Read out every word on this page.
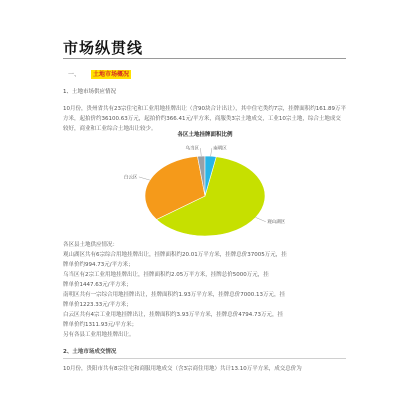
市场纵贯线
一、 土地市场概况
1、土地市场供应情况
10月份，贵州省共有23宗住宅和工业用地挂牌出让（含90块合计出让），其中住宅类约7宗，挂牌面积约161.89万平方米，起拍价约36100.63万元，起拍价约366.41元/平方米，商服类3宗土地成交，工业10宗土地，综合土地成交较好，商业和工业综合土地出让较少。
各区土地挂牌面积比例
观山湖区
白云区
乌当区	南明区
各区县土地供应情况：
观山湖区共有6宗综合用地挂牌出让，挂牌面积约20.01万平方米，挂牌总价37005万元，挂
牌单价约994.73元/平方米；
乌当区有2宗工业用地挂牌出让，挂牌面积约2.05万平方米，挂牌总价5000万元，挂
牌单价1447.63元/平方米；
南明区共有一宗综合用地挂牌出让，挂牌面积约1.93万平方米，挂牌总价7000.13万元，挂
牌单价1223.33元/平方米；
白云区共有4宗工业用地挂牌出让，挂牌面积约3.93万平方米，挂牌总价4794.73万元，挂
牌单价约1311.93元/平方米；
另有各县工业用地挂牌出让。
2、土地市场成交情况
10月份，贵阳市共有8宗住宅和商服用地成交（含3宗商住用地）共计13.10万平方米，成交总价为
